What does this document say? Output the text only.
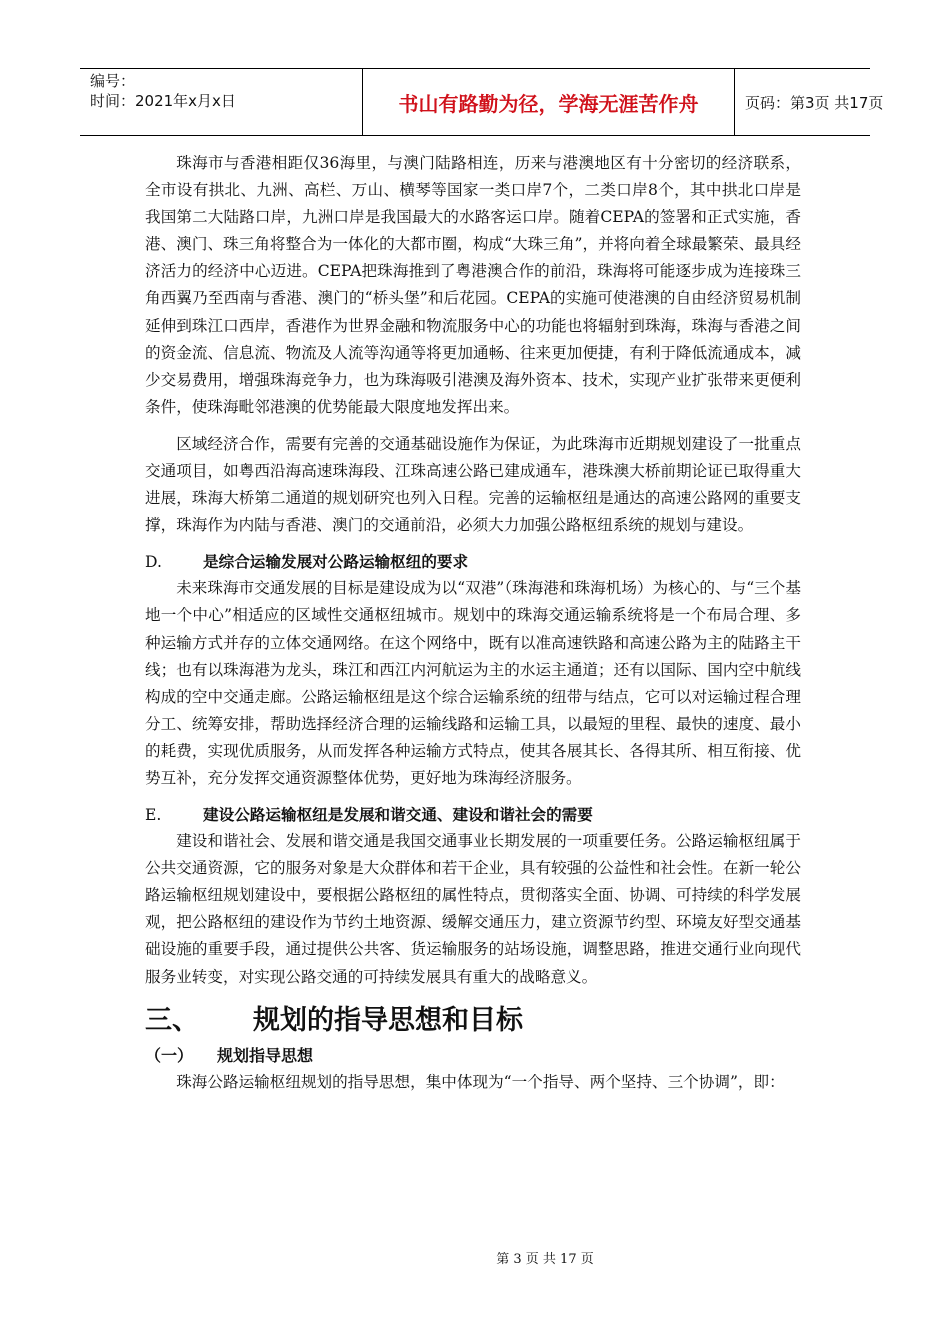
编号：
时间：2021年x月x日	书山有路勤为径，学海无涯苦作舟	页码：第3页 共17页

珠海市与香港相距仅36海里，与澳门陆路相连，历来与港澳地区有十分密切的经济联系，全市设有拱北、九洲、高栏、万山、横琴等国家一类口岸7个，二类口岸8个，其中拱北口岸是我国第二大陆路口岸，九洲口岸是我国最大的水路客运口岸。随着CEPA的签署和正式实施，香港、澳门、珠三角将整合为一体化的大都市圈，构成“大珠三角”，并将向着全球最繁荣、最具经济活力的经济中心迈进。CEPA把珠海推到了粤港澳合作的前沿，珠海将可能逐步成为连接珠三角西翼乃至西南与香港、澳门的“桥头堡”和后花园。CEPA的实施可使港澳的自由经济贸易机制延伸到珠江口西岸，香港作为世界金融和物流服务中心的功能也将辐射到珠海，珠海与香港之间的资金流、信息流、物流及人流等沟通等将更加通畅、往来更加便捷，有利于降低流通成本，减少交易费用，增强珠海竞争力，也为珠海吸引港澳及海外资本、技术，实现产业扩张带来更便利条件，使珠海毗邻港澳的优势能最大限度地发挥出来。

区域经济合作，需要有完善的交通基础设施作为保证，为此珠海市近期规划建设了一批重点交通项目，如粤西沿海高速珠海段、江珠高速公路已建成通车，港珠澳大桥前期论证已取得重大进展，珠海大桥第二通道的规划研究也列入日程。完善的运输枢纽是通达的高速公路网的重要支撑，珠海作为内陆与香港、澳门的交通前沿，必须大力加强公路枢纽系统的规划与建设。

D.	是综合运输发展对公路运输枢纽的要求

未来珠海市交通发展的目标是建设成为以“双港”（珠海港和珠海机场）为核心的、与“三个基地一个中心”相适应的区域性交通枢纽城市。规划中的珠海交通运输系统将是一个布局合理、多种运输方式并存的立体交通网络。在这个网络中，既有以准高速铁路和高速公路为主的陆路主干线；也有以珠海港为龙头，珠江和西江内河航运为主的水运主通道；还有以国际、国内空中航线构成的空中交通走廊。公路运输枢纽是这个综合运输系统的纽带与结点，它可以对运输过程合理分工、统筹安排，帮助选择经济合理的运输线路和运输工具，以最短的里程、最快的速度、最小的耗费，实现优质服务，从而发挥各种运输方式特点，使其各展其长、各得其所、相互衔接、优势互补，充分发挥交通资源整体优势，更好地为珠海经济服务。

E.	建设公路运输枢纽是发展和谐交通、建设和谐社会的需要

建设和谐社会、发展和谐交通是我国交通事业长期发展的一项重要任务。公路运输枢纽属于公共交通资源，它的服务对象是大众群体和若干企业，具有较强的公益性和社会性。在新一轮公路运输枢纽规划建设中，要根据公路枢纽的属性特点，贯彻落实全面、协调、可持续的科学发展观，把公路枢纽的建设作为节约土地资源、缓解交通压力，建立资源节约型、环境友好型交通基础设施的重要手段，通过提供公共客、货运输服务的站场设施，调整思路，推进交通行业向现代服务业转变，对实现公路交通的可持续发展具有重大的战略意义。

三、	规划的指导思想和目标
（一）	规划指导思想

珠海公路运输枢纽规划的指导思想，集中体现为“一个指导、两个坚持、三个协调”，即：

第 3 页 共 17 页
